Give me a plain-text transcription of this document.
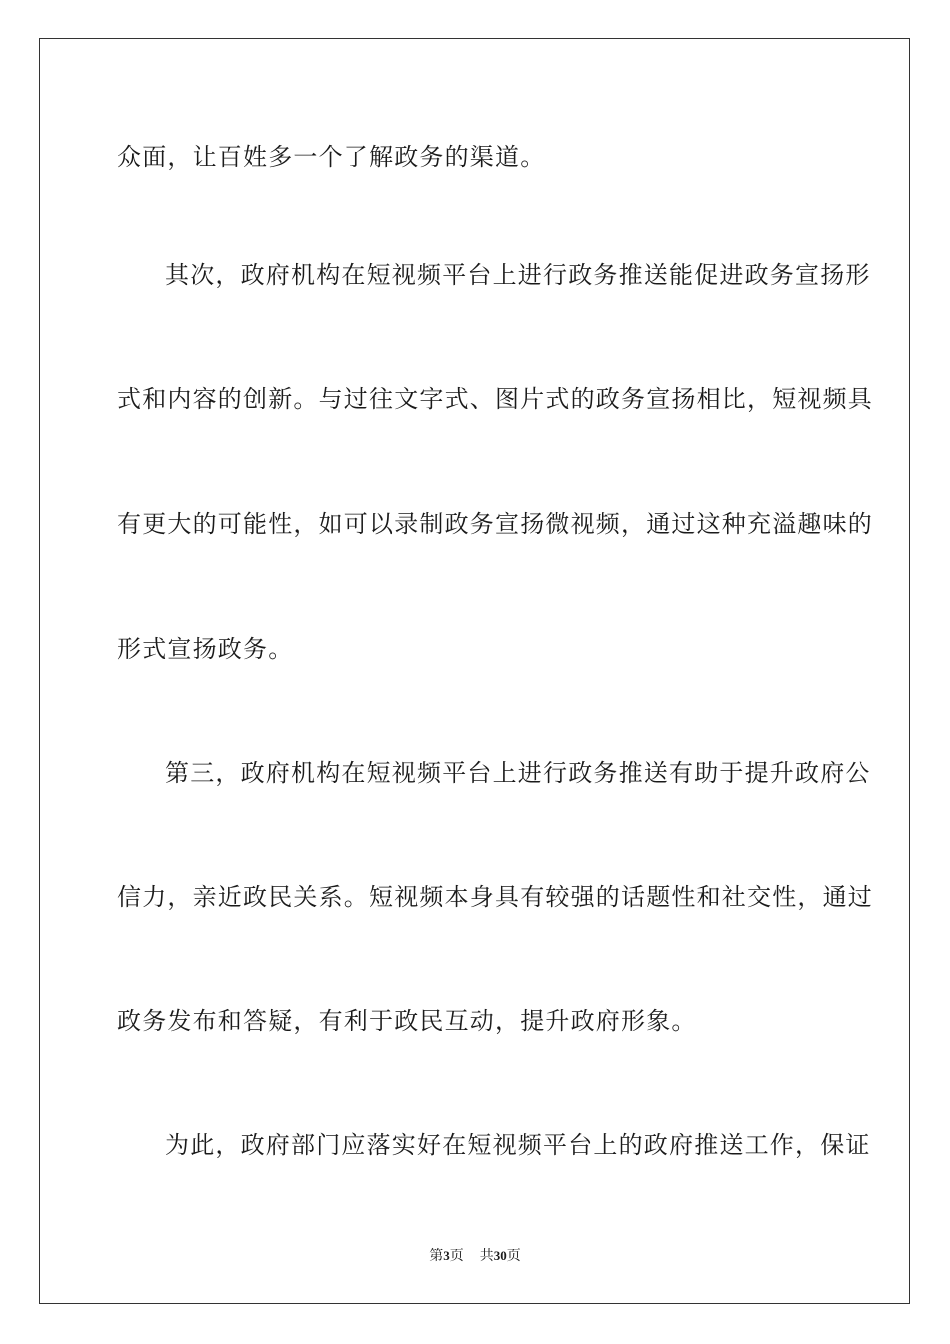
众面，让百姓多一个了解政务的渠道。
其次，政府机构在短视频平台上进行政务推送能促进政务宣扬形
式和内容的创新。与过往文字式、图片式的政务宣扬相比，短视频具
有更大的可能性，如可以录制政务宣扬微视频，通过这种充溢趣味的
形式宣扬政务。
第三，政府机构在短视频平台上进行政务推送有助于提升政府公
信力，亲近政民关系。短视频本身具有较强的话题性和社交性，通过
政务发布和答疑，有利于政民互动，提升政府形象。
为此，政府部门应落实好在短视频平台上的政府推送工作，保证
第3页 共30页
